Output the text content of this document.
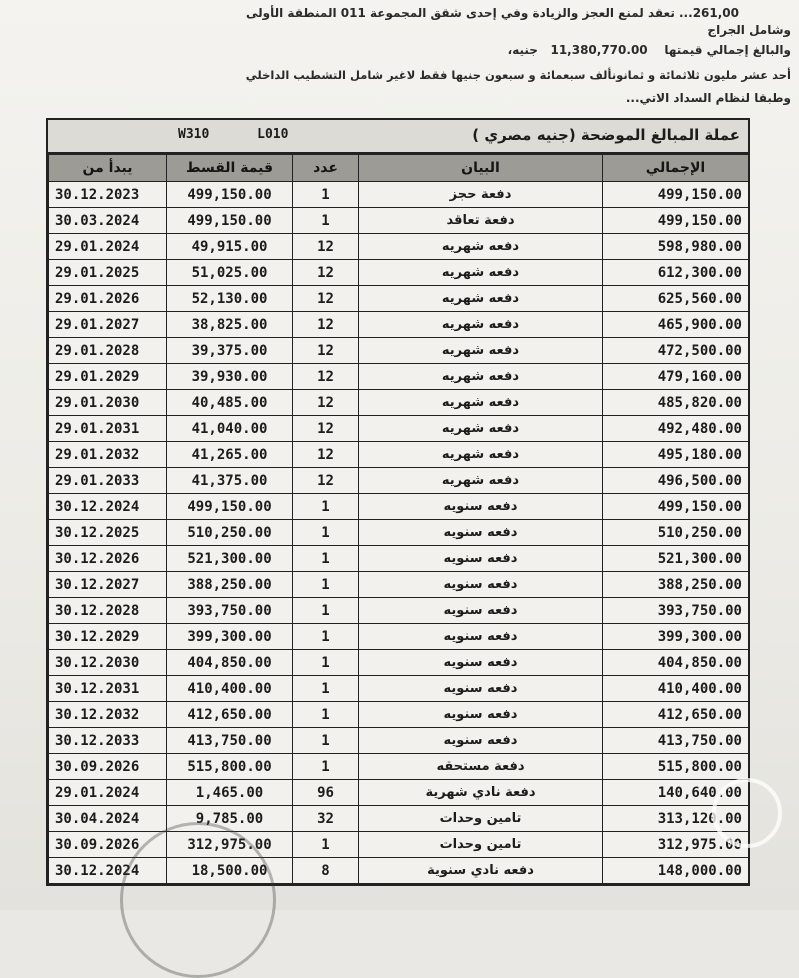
261,00... تعقد لمنع العجز والزيادة وفي إحدى شقق المجموعة 011 المنطقة الأولى
وشامل الجراج
والبالغ إجمالي قيمتها    11,380,770.00   جنيه،
أحد عشر مليون ثلاثمائة و ثمانونألف سبعمائة و سبعون جنيها فقط لاغير شامل التشطيب الداخلي
وطبقا لنظام السداد الاتي...
W310	L010	عملة المبالغ الموضحة (جنيه مصري )
يبدأ من	قيمة القسط	عدد	البيان	الإجمالي
30.12.2023	499,150.00	1	دفعة حجز	499,150.00
30.03.2024	499,150.00	1	دفعة تعاقد	499,150.00
29.01.2024	49,915.00	12	دفعه شهريه	598,980.00
29.01.2025	51,025.00	12	دفعه شهريه	612,300.00
29.01.2026	52,130.00	12	دفعه شهريه	625,560.00
29.01.2027	38,825.00	12	دفعه شهريه	465,900.00
29.01.2028	39,375.00	12	دفعه شهريه	472,500.00
29.01.2029	39,930.00	12	دفعه شهريه	479,160.00
29.01.2030	40,485.00	12	دفعه شهريه	485,820.00
29.01.2031	41,040.00	12	دفعه شهريه	492,480.00
29.01.2032	41,265.00	12	دفعه شهريه	495,180.00
29.01.2033	41,375.00	12	دفعه شهريه	496,500.00
30.12.2024	499,150.00	1	دفعه سنويه	499,150.00
30.12.2025	510,250.00	1	دفعه سنويه	510,250.00
30.12.2026	521,300.00	1	دفعه سنويه	521,300.00
30.12.2027	388,250.00	1	دفعه سنويه	388,250.00
30.12.2028	393,750.00	1	دفعه سنويه	393,750.00
30.12.2029	399,300.00	1	دفعه سنويه	399,300.00
30.12.2030	404,850.00	1	دفعه سنويه	404,850.00
30.12.2031	410,400.00	1	دفعه سنويه	410,400.00
30.12.2032	412,650.00	1	دفعه سنويه	412,650.00
30.12.2033	413,750.00	1	دفعه سنويه	413,750.00
30.09.2026	515,800.00	1	دفعة مستحقه	515,800.00
29.01.2024	1,465.00	96	دفعة نادي شهرية	140,640.00
30.04.2024	9,785.00	32	تامين وحدات	313,120.00
30.09.2026	312,975.00	1	تامين وحدات	312,975.00
30.12.2024	18,500.00	8	دفعه نادي سنوية	148,000.00
